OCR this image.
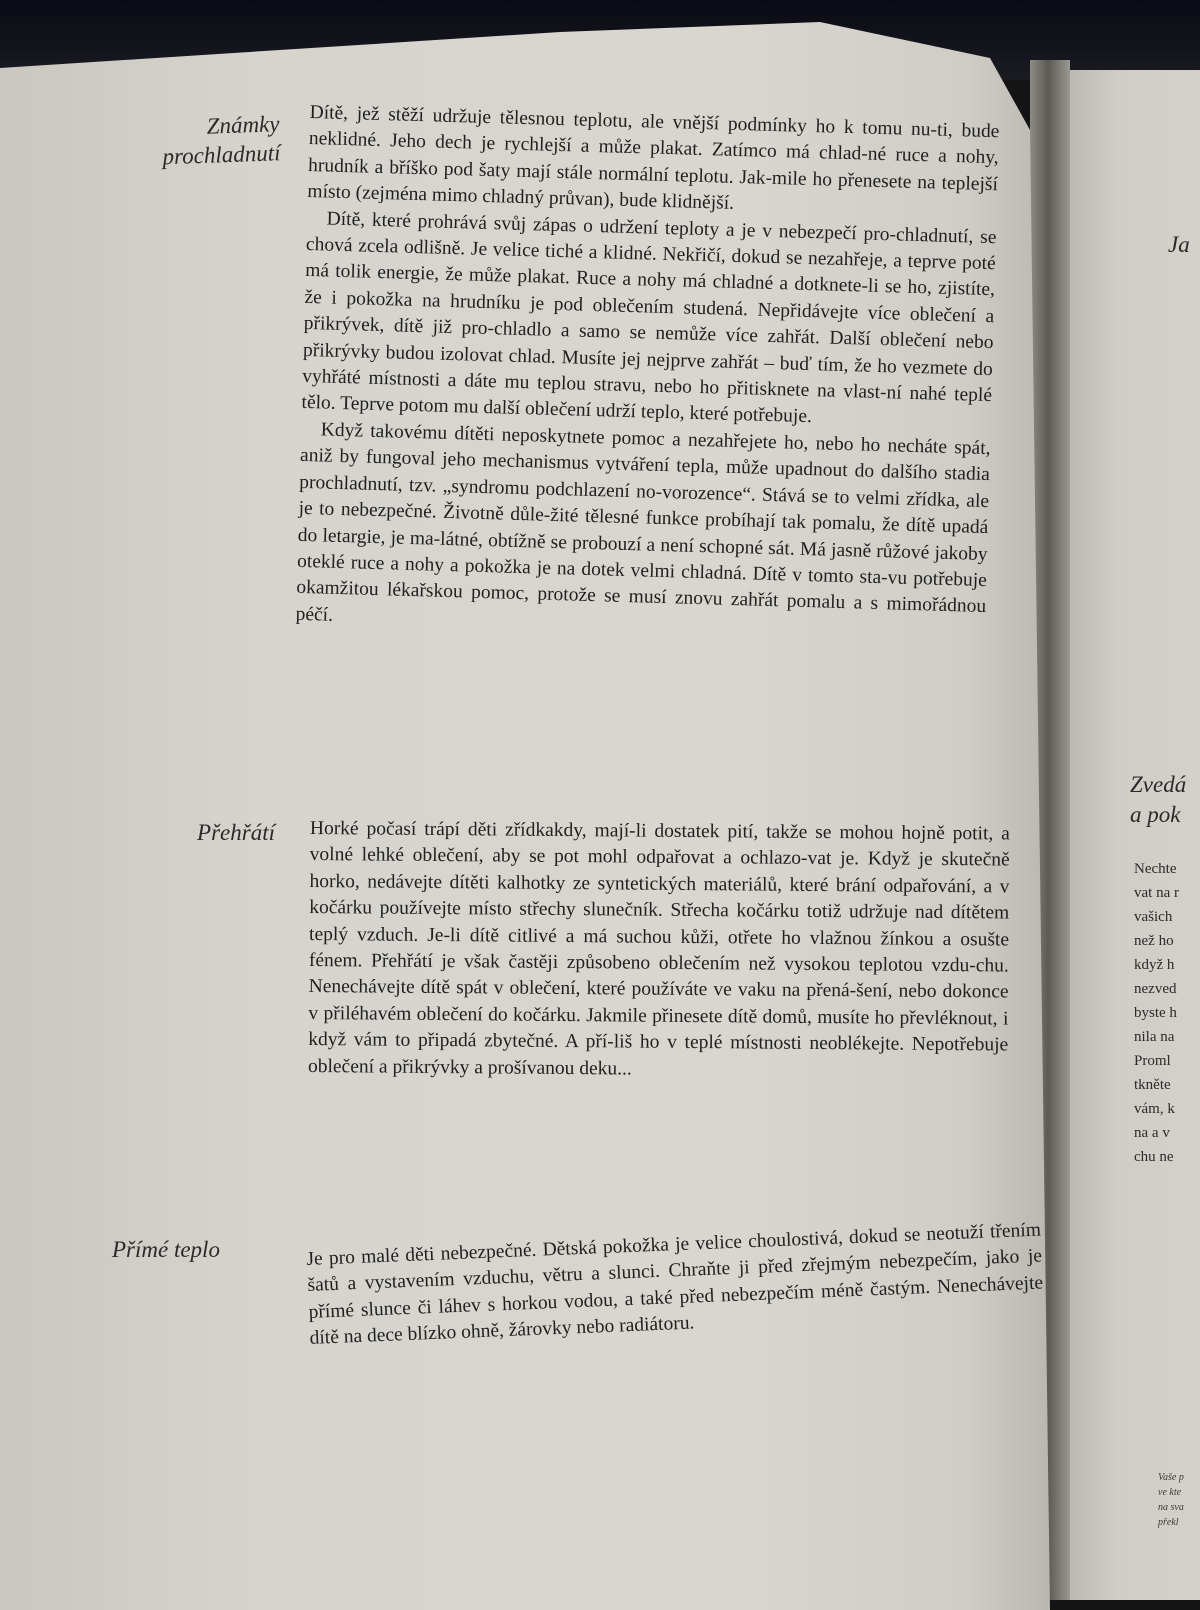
Známky
prochladnutí

Dítě, jež stěží udržuje tělesnou teplotu, ale vnější podmínky ho k tomu nu-ti, bude neklidné. Jeho dech je rychlejší a může plakat. Zatímco má chlad-né ruce a nohy, hrudník a bříško pod šaty mají stále normální teplotu. Jak-mile ho přenesete na teplejší místo (zejména mimo chladný průvan), bude klidnější.

Dítě, které prohrává svůj zápas o udržení teploty a je v nebezpečí pro-chladnutí, se chová zcela odlišně. Je velice tiché a klidné. Nekřičí, dokud se nezahřeje, a teprve poté má tolik energie, že může plakat. Ruce a nohy má chladné a dotknete-li se ho, zjistíte, že i pokožka na hrudníku je pod oblečením studená. Nepřidávejte více oblečení a přikrývek, dítě již pro-chladlo a samo se nemůže více zahřát. Další oblečení nebo přikrývky budou izolovat chlad. Musíte jej nejprve zahřát – buď tím, že ho vezmete do vyhřáté místnosti a dáte mu teplou stravu, nebo ho přitisknete na vlast-ní nahé teplé tělo. Teprve potom mu další oblečení udrží teplo, které potřebuje.

Když takovému dítěti neposkytnete pomoc a nezahřejete ho, nebo ho necháte spát, aniž by fungoval jeho mechanismus vytváření tepla, může upadnout do dalšího stadia prochladnutí, tzv. „syndromu podchlazení no-vorozence“. Stává se to velmi zřídka, ale je to nebezpečné. Životně důle-žité tělesné funkce probíhají tak pomalu, že dítě upadá do letargie, je ma-látné, obtížně se probouzí a není schopné sát. Má jasně růžové jakoby oteklé ruce a nohy a pokožka je na dotek velmi chladná. Dítě v tomto sta-vu potřebuje okamžitou lékařskou pomoc, protože se musí znovu zahřát pomalu a s mimořádnou péčí.

Přehřátí Horké počasí trápí děti zřídkakdy, mají-li dostatek pití, takže se mohou hojně potit, a volné lehké oblečení, aby se pot mohl odpařovat a ochlazo-vat je. Když je skutečně horko, nedávejte dítěti kalhotky ze syntetických materiálů, které brání odpařování, a v kočárku používejte místo střechy slunečník. Střecha kočárku totiž udržuje nad dítětem teplý vzduch. Je-li dítě citlivé a má suchou kůži, otřete ho vlažnou žínkou a osušte fénem. Přehřátí je však častěji způsobeno oblečením než vysokou teplotou vzdu-chu. Nenechávejte dítě spát v oblečení, které používáte ve vaku na přená-šení, nebo dokonce v přiléhavém oblečení do kočárku. Jakmile přinesete dítě domů, musíte ho převléknout, i když vám to připadá zbytečné. A pří-liš ho v teplé místnosti neoblékejte. Nepotřebuje oblečení a přikrývky a prošívanou deku...

Přímé teplo	Je pro malé děti nebezpečné. Dětská pokožka je velice choulostivá, dokud se neotuží třením šatů a vystavením vzduchu, větru a slunci. Chraňte ji před zřejmým nebezpečím, jako je přímé slunce či láhev s horkou vodou, a také před nebezpečím méně častým. Nenechávejte dítě na dece blízko ohně, žárovky nebo radiátoru.

Ja

Zvedá
a pok

Nechte
vat na r
vašich
než ho
když h
nezved
byste h
nila na
Proml
tkněte
vám, k
na a v
chu ne

Vaše p
ve kte
na sva
překl
